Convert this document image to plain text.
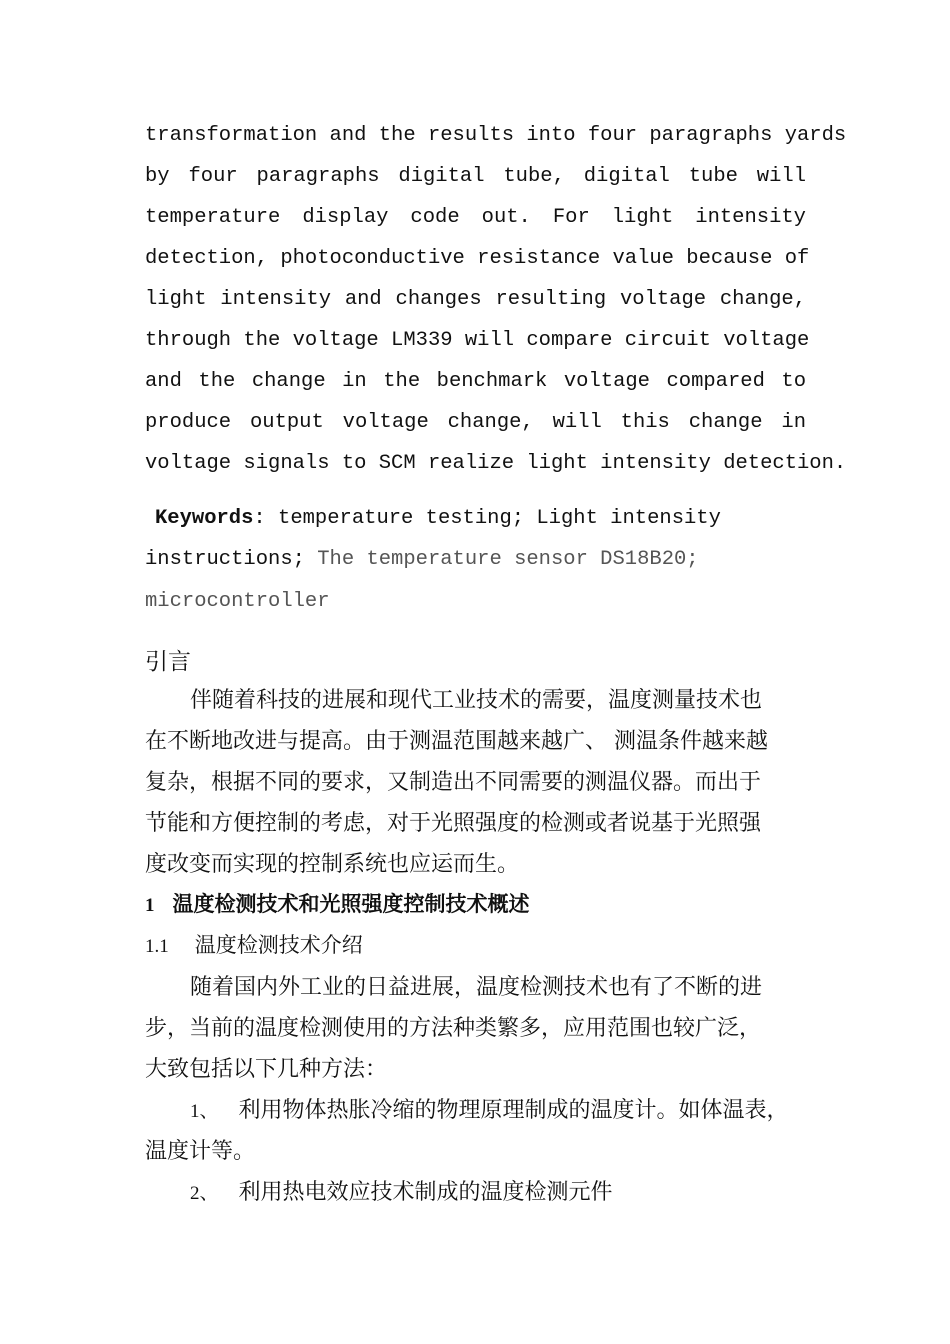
transformation and the results into four paragraphs yards
by four paragraphs digital tube, digital tube will
temperature display code out. For light intensity
detection, photoconductive resistance value because of
light intensity and changes resulting voltage change,
through the voltage LM339 will compare circuit voltage
and the change in the benchmark voltage compared to
produce output voltage change, will this change in
voltage signals to SCM realize light intensity detection.
Keywords: temperature testing; Light intensity
instructions; The temperature sensor DS18B20;
microcontroller
引言
伴随着科技的进展和现代工业技术的需要，温度测量技术也
在不断地改进与提高。由于测温范围越来越广、 测温条件越来越
复杂，根据不同的要求，又制造出不同需要的测温仪器。而出于
节能和方便控制的考虑，对于光照强度的检测或者说基于光照强
度改变而实现的控制系统也应运而生。
1 温度检测技术和光照强度控制技术概述
1.1 温度检测技术介绍
随着国内外工业的日益进展，温度检测技术也有了不断的进
步，当前的温度检测使用的方法种类繁多，应用范围也较广泛，
大致包括以下几种方法：
1、 利用物体热胀冷缩的物理原理制成的温度计。如体温表，
温度计等。
2、 利用热电效应技术制成的温度检测元件
